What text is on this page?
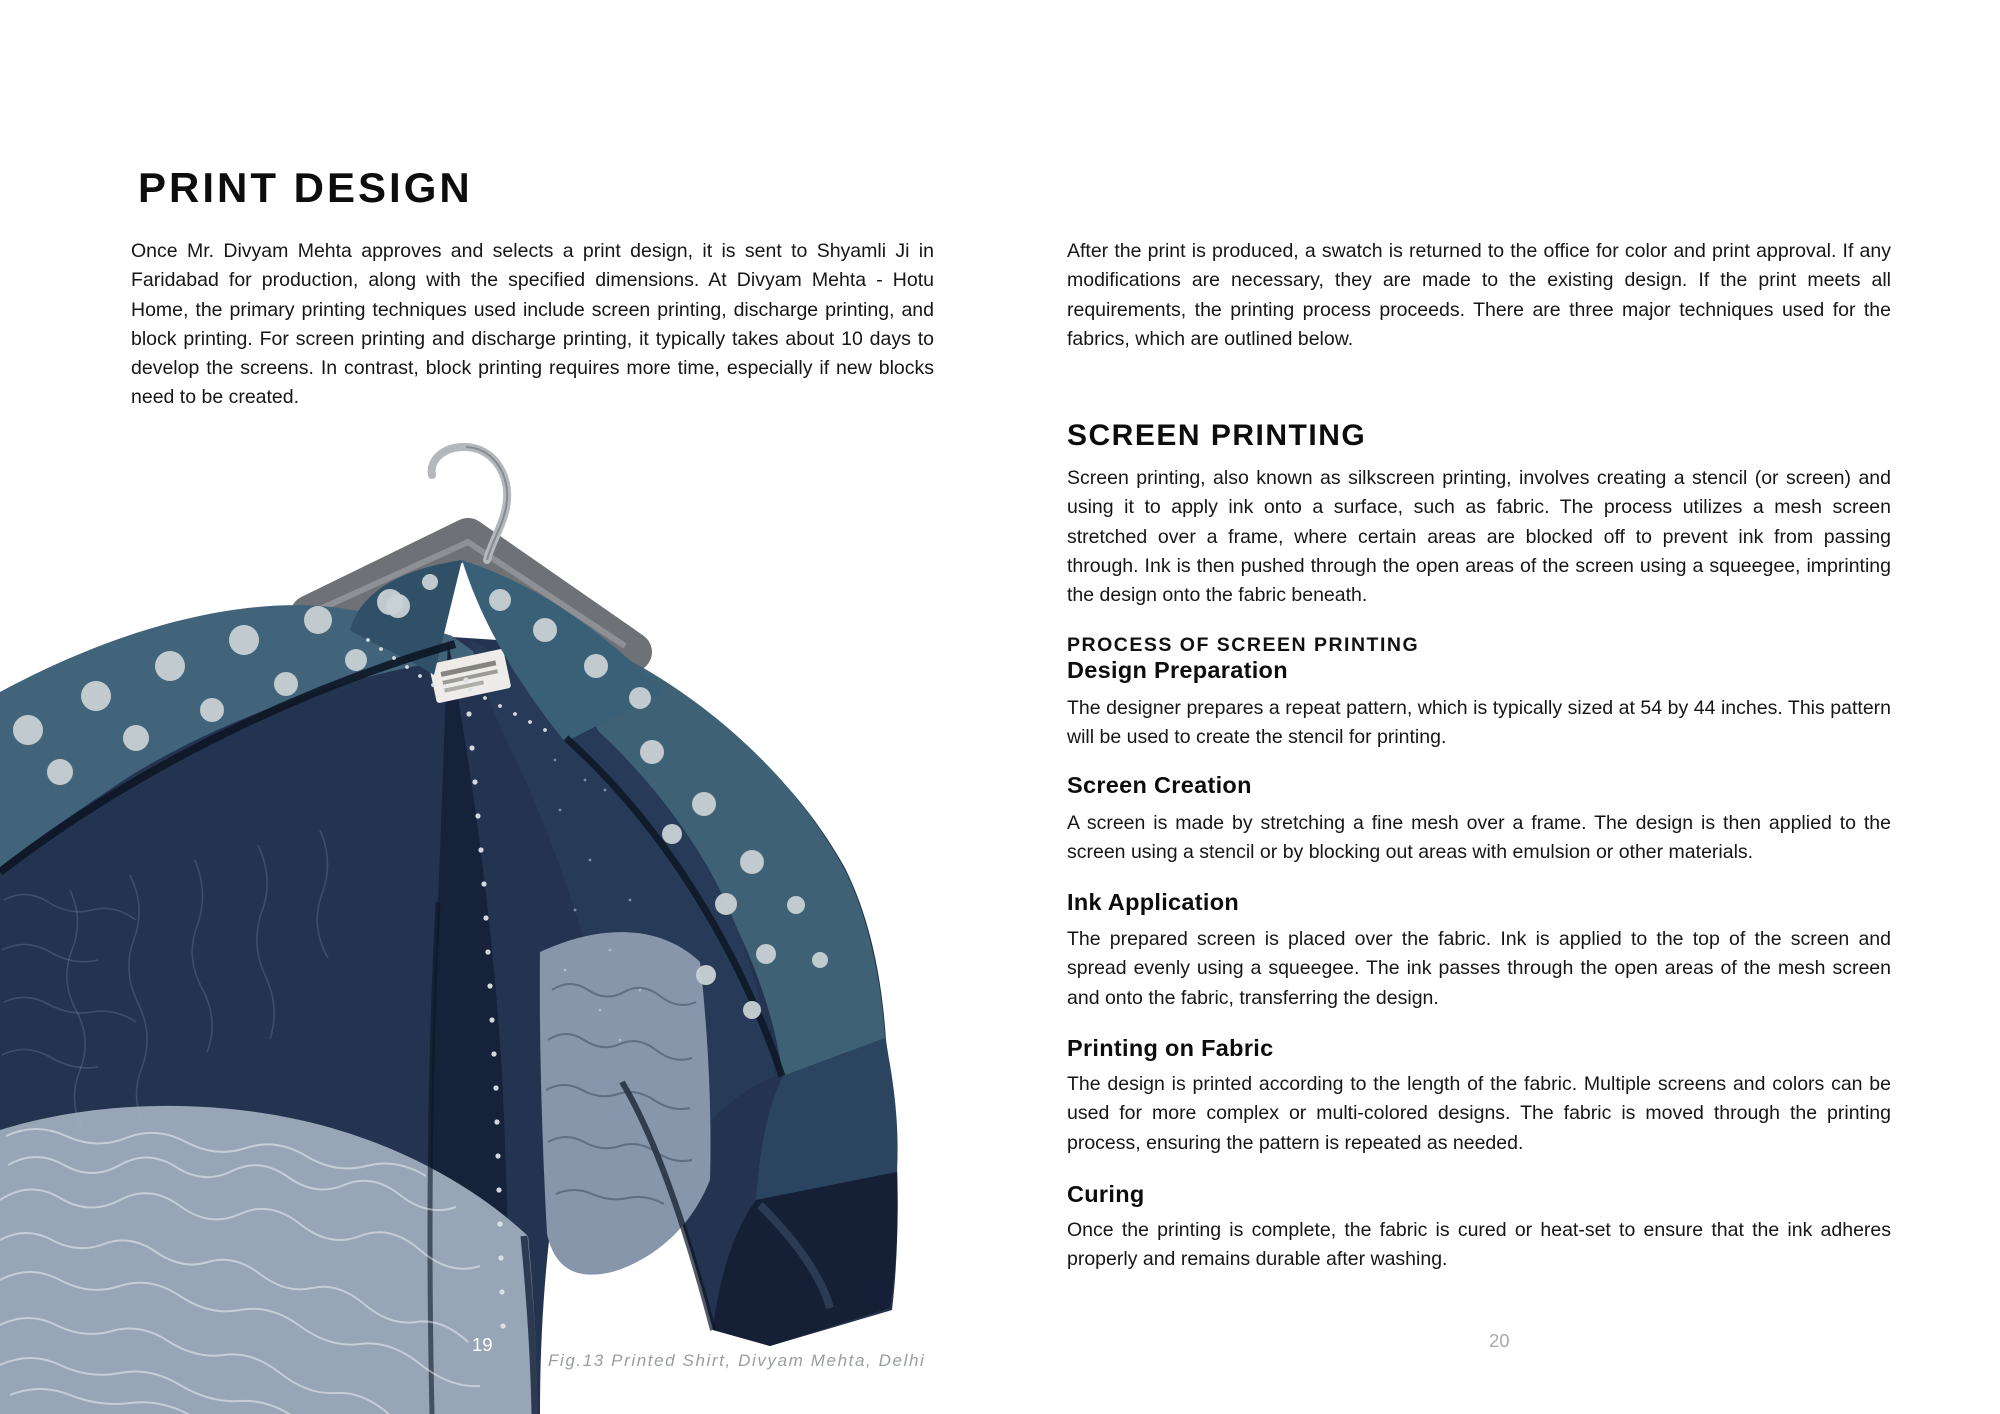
PRINT DESIGN
Once Mr. Divyam Mehta approves and selects a print design, it is sent to Shyamli Ji in Faridabad for production, along with the specified dimensions. At Divyam Mehta - Hotu Home, the primary printing techniques used include screen printing, discharge printing, and block printing. For screen printing and discharge printing, it typically takes about 10 days to develop the screens. In contrast, block printing requires more time, especially if new blocks need to be created.
19
Fig.13 Printed Shirt, Divyam Mehta, Delhi
After the print is produced, a swatch is returned to the office for color and print approval. If any modifications are necessary, they are made to the existing design. If the print meets all requirements, the printing process proceeds. There are three major techniques used for the fabrics, which are outlined below.
SCREEN PRINTING
Screen printing, also known as silkscreen printing, involves creating a stencil (or screen) and using it to apply ink onto a surface, such as fabric. The process utilizes a mesh screen stretched over a frame, where certain areas are blocked off to prevent ink from passing through. Ink is then pushed through the open areas of the screen using a squeegee, imprinting the design onto the fabric beneath.
PROCESS OF SCREEN PRINTING
Design Preparation
The designer prepares a repeat pattern, which is typically sized at 54 by 44 inches. This pattern will be used to create the stencil for printing.
Screen Creation
A screen is made by stretching a fine mesh over a frame. The design is then applied to the screen using a stencil or by blocking out areas with emulsion or other materials.
Ink Application
The prepared screen is placed over the fabric. Ink is applied to the top of the screen and spread evenly using a squeegee. The ink passes through the open areas of the mesh screen and onto the fabric, transferring the design.
Printing on Fabric
The design is printed according to the length of the fabric. Multiple screens and colors can be used for more complex or multi-colored designs. The fabric is moved through the printing process, ensuring the pattern is repeated as needed.
Curing
Once the printing is complete, the fabric is cured or heat-set to ensure that the ink adheres properly and remains durable after washing.
20
